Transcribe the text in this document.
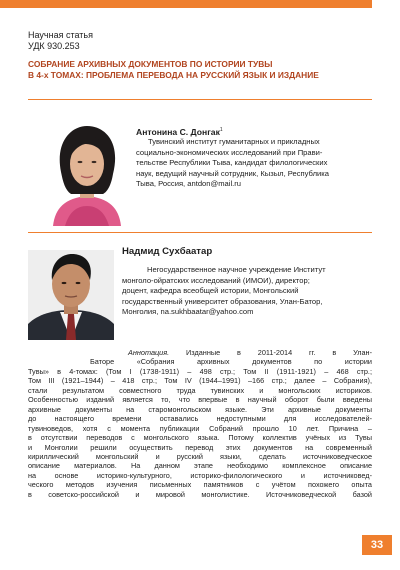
Научная статья
УДК 930.253
СОБРАНИЕ АРХИВНЫХ ДОКУМЕНТОВ ПО ИСТОРИИ ТУВЫ
В 4-х ТОМАХ: ПРОБЛЕМА ПЕРЕВОДА НА РУССКИЙ ЯЗЫК И ИЗДАНИЕ
Антонина С. Донгак$^1$
Тувинский институт гуманитарных и прикладных
социально-экономических исследований при Прави-
тельстве Республики Тыва, кандидат филологических
наук, ведущий научный сотрудник, Кызыл, Республика
Тыва, Россия, antdon@mail.ru
Надмид Сухбаатар
Негосударственное научное учреждение Институт
монголо-ойратских исследований (ИМОИ), директор;
доцент, кафедра всеобщей истории, Монгольский
государственный университет образования, Улан-Батор,
Монголия, na.sukhbaatar@yahoo.com
Аннотация. Изданные в 2011-2014 гг. в Улан-
Баторе «Собрания архивных документов по истории
Тувы» в 4-томах: (Том I (1738-1911) – 498 стр.; Том II (1911-1921) – 468 стр.;
Том III (1921–1944) – 418 стр.; Том IV (1944–1991) –166 стр.; далее – Собрания),
стали результатом совместного труда тувинских и монгольских историков.
Особенностью изданий является то, что впервые в научный оборот были введены
архивные документы на старомонгольском языке. Эти архивные документы
до настоящего времени оставались недоступными для исследователей-
тувиноведов, хотя с момента публикации Собраний прошло 10 лет. Причина –
в отсутствии переводов с монгольского языка. Потому коллектив учёных из Тувы
и Монголии решили осуществить перевод этих документов на современный
кириллический монгольский и русский языки, сделать источниковедческое
описание материалов. На данном этапе необходимо комплексное описание
на основе историко-культурного, историко-филологического и источниковед-
ческого методов изучения письменных памятников с учётом похожего опыта
в советско-российской и мировой монголистике. Источниковедческой базой
33
